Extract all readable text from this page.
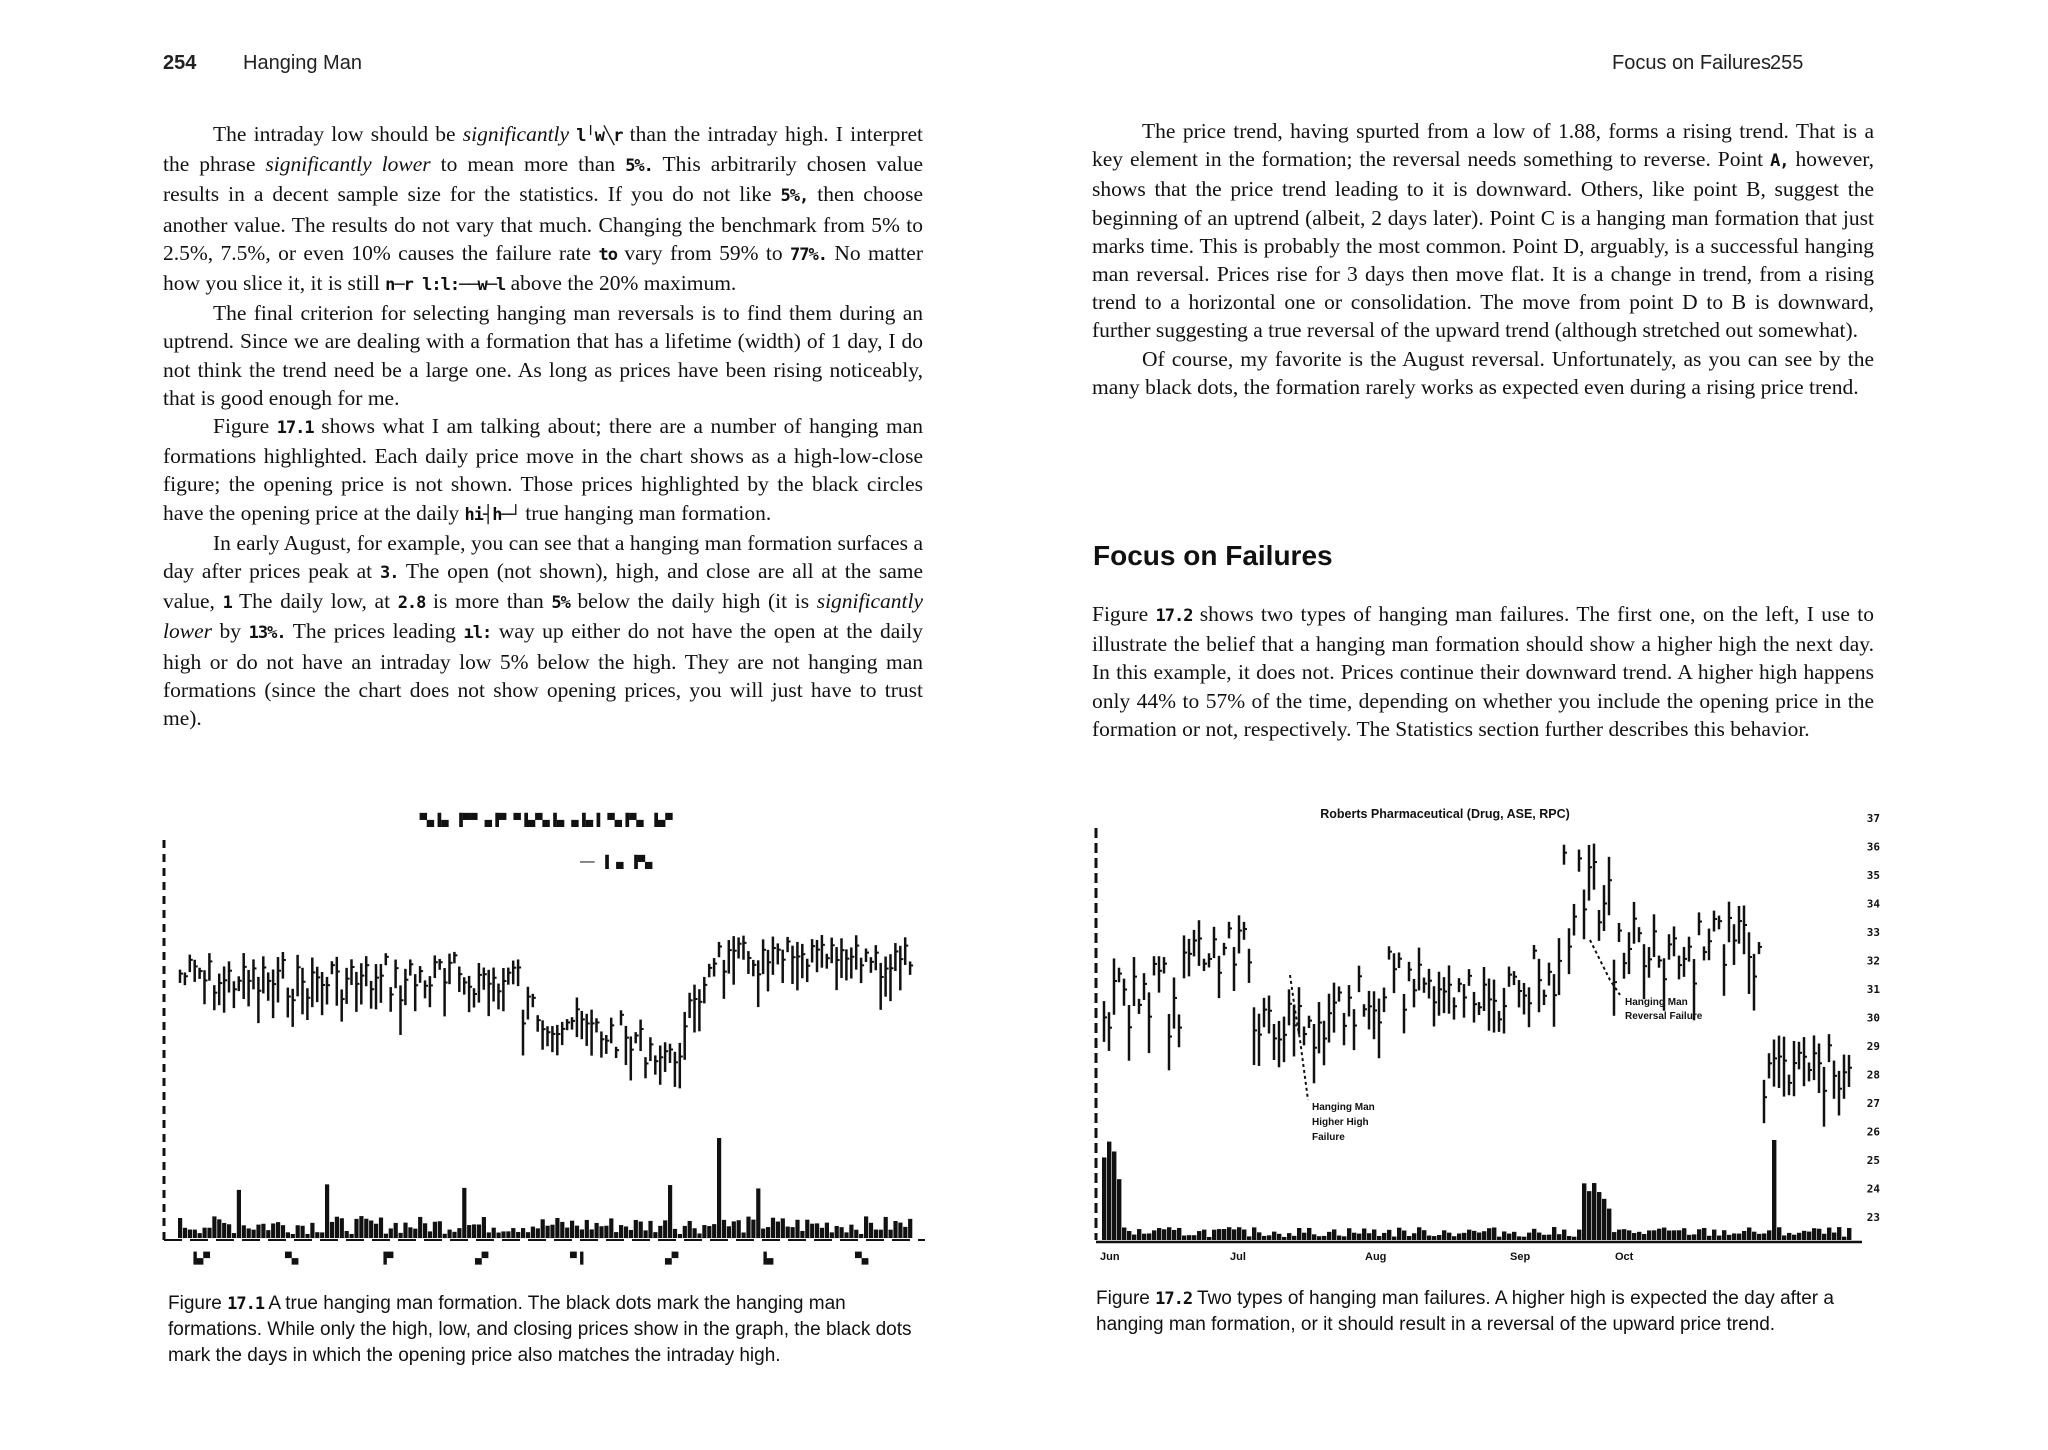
254 Hanging Man

The intraday low should be significantly l╵w╲r than the intraday high. I interpret the phrase significantly lower to mean more than 5%. This arbitrarily chosen value results in a decent sample size for the statistics. If you do not like 5%, then choose another value. The results do not vary that much. Changing the benchmark from 5% to 2.5%, 7.5%, or even 10% causes the failure rate to vary from 59% to 77%. No matter how you slice it, it is still n─r l:l:──w─l above the 20% maximum.

The final criterion for selecting hanging man reversals is to find them during an uptrend. Since we are dealing with a formation that has a lifetime (width) of 1 day, I do not think the trend need be a large one. As long as prices have been rising noticeably, that is good enough for me.

Figure 17.1 shows what I am talking about; there are a number of hanging man formations highlighted. Each daily price move in the chart shows as a high-low-close figure; the opening price is not shown. Those prices highlighted by the black circles have the opening price at the daily hi┤h─┘ true hanging man formation.

In early August, for example, you can see that a hanging man formation surfaces a day after prices peak at 3. The open (not shown), high, and close are all at the same value, 1 The daily low, at 2.8 is more than 5% below the daily high (it is significantly lower by 13%. The prices leading ıl: way up either do not have the open at the daily high or do not have an intraday low 5% below the high. They are not hanging man formations (since the chart does not show opening prices, you will just have to trust me).

▀▄▐▄ ▐▀▀ ▄▐▀ ▀▐▄▀▄▐▄ ▄▐▄▐ ▀▄▐▀▄ ▐▄▀
── ▐ ▄ ▐▀▄
▐▄▀	▀▄	▐▀	▄▀	▀▐	▄▀	▐▄	▀▄
Figure 17.1 A true hanging man formation. The black dots mark the hanging man formations. While only the high, low, and closing prices show in the graph, the black dots mark the days in which the opening price also matches the intraday high.
Focus on Failures 255

The price trend, having spurted from a low of 1.88, forms a rising trend. That is a key element in the formation; the reversal needs something to reverse. Point A, however, shows that the price trend leading to it is downward. Others, like point B, suggest the beginning of an uptrend (albeit, 2 days later). Point C is a hanging man formation that just marks time. This is probably the most common. Point D, arguably, is a successful hanging man reversal. Prices rise for 3 days then move flat. It is a change in trend, from a rising trend to a horizontal one or consolidation. The move from point D to B is downward, further suggesting a true reversal of the upward trend (although stretched out somewhat).

Of course, my favorite is the August reversal. Unfortunately, as you can see by the many black dots, the formation rarely works as expected even during a rising price trend.

Focus on Failures

Figure 17.2 shows two types of hanging man failures. The first one, on the left, I use to illustrate the belief that a hanging man formation should show a higher high the next day. In this example, it does not. Prices continue their downward trend. A higher high happens only 44% to 57% of the time, depending on whether you include the opening price in the formation or not, respectively. The Statistics section further describes this behavior.

Roberts Pharmaceutical (Drug, ASE, RPC)
Hanging Man
Reversal Failure
Hanging Man
Higher High
Failure
Jun	Jul	Aug	Sep	Oct
37
36
35
34
33
32
31
30
29
28
27
26
25
24
23
Figure 17.2 Two types of hanging man failures. A higher high is expected the day after a hanging man formation, or it should result in a reversal of the upward price trend.
